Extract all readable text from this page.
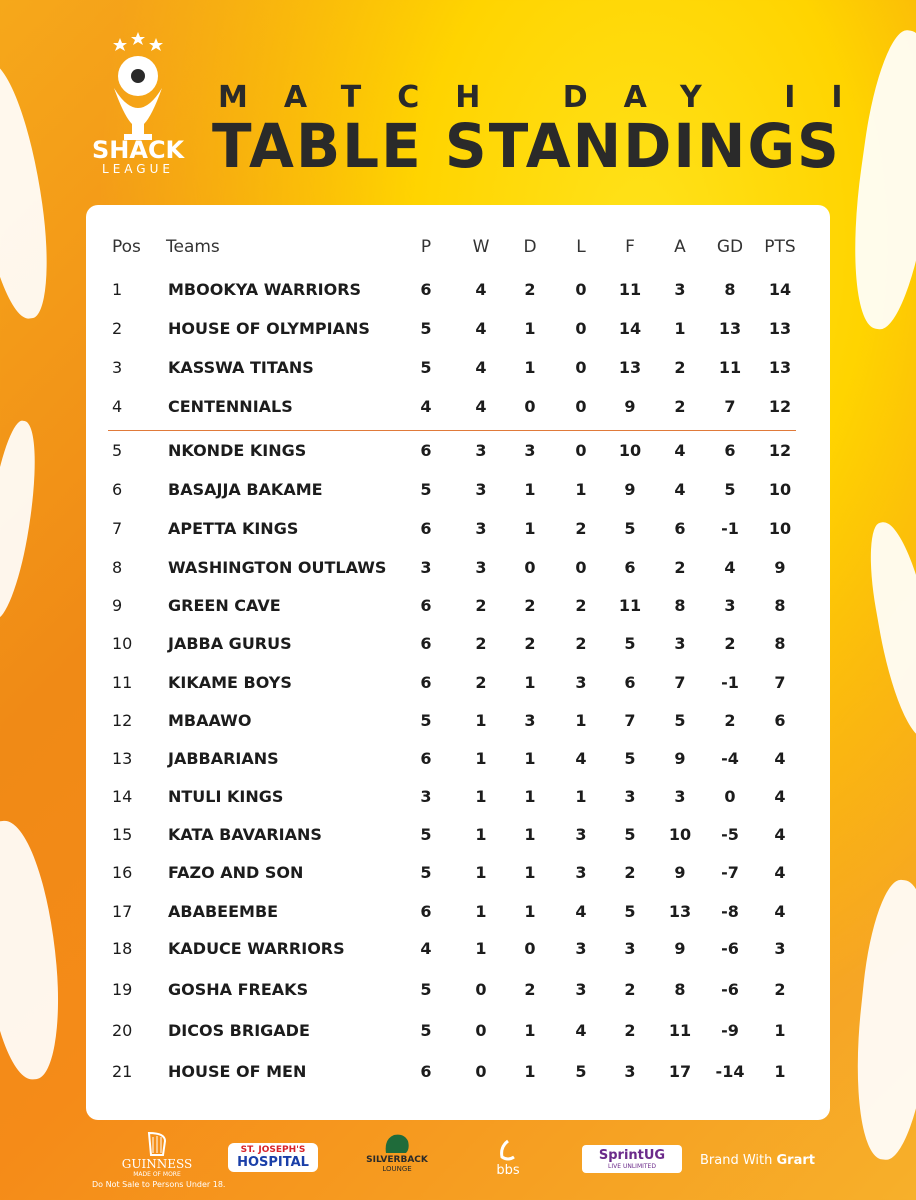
SHACK
LEAGUE
MATCH DAY II
TABLE STANDINGS
Pos Teams	P	W	D	L	F	A	GD	PTS
1	MBOOKYA WARRIORS	6	4	2	0	11	3	8	14
2	HOUSE OF OLYMPIANS	5	4	1	0	14	1	13	13
3	KASSWA TITANS	5	4	1	0	13	2	11	13
4	CENTENNIALS	4	4	0	0	9	2	7	12
5	NKONDE KINGS	6	3	3	0	10	4	6	12
6	BASAJJA BAKAME	5	3	1	1	9	4	5	10
7	APETTA KINGS	6	3	1	2	5	6	-1	10
8	WASHINGTON OUTLAWS	3	3	0	0	6	2	4	9
9	GREEN CAVE	6	2	2	2	11	8	3	8
10 JABBA GURUS	6	2	2	2	5	3	2	8
11 KIKAME BOYS	6	2	1	3	6	7	-1	7
12 MBAAWO	5	1	3	1	7	5	2	6
13 JABBARIANS	6	1	1	4	5	9	-4	4
14 NTULI KINGS	3	1	1	1	3	3	0	4
15 KATA BAVARIANS	5	1	1	3	5	10	-5	4
16 FAZO AND SON	5	1	1	3	2	9	-7	4
17 ABABEEMBE	6	1	1	4	5	13	-8	4
18 KADUCE WARRIORS	4	1	0	3	3	9	-6	3
19 GOSHA FREAKS	5	0	2	3	2	8	-6	2
20 DICOS BRIGADE	5	0	1	4	2	11	-9	1
21 HOUSE OF MEN	6	0	1	5	3	17	-14	1
GUINNESS
MADE OF MORE
Do Not Sale to Persons Under 18.
ST. JOSEPH'S
HOSPITAL	SILVERBACK
LOUNGE	bbs
SprintUG
LIVE UNLIMITED	Brand With Grart
